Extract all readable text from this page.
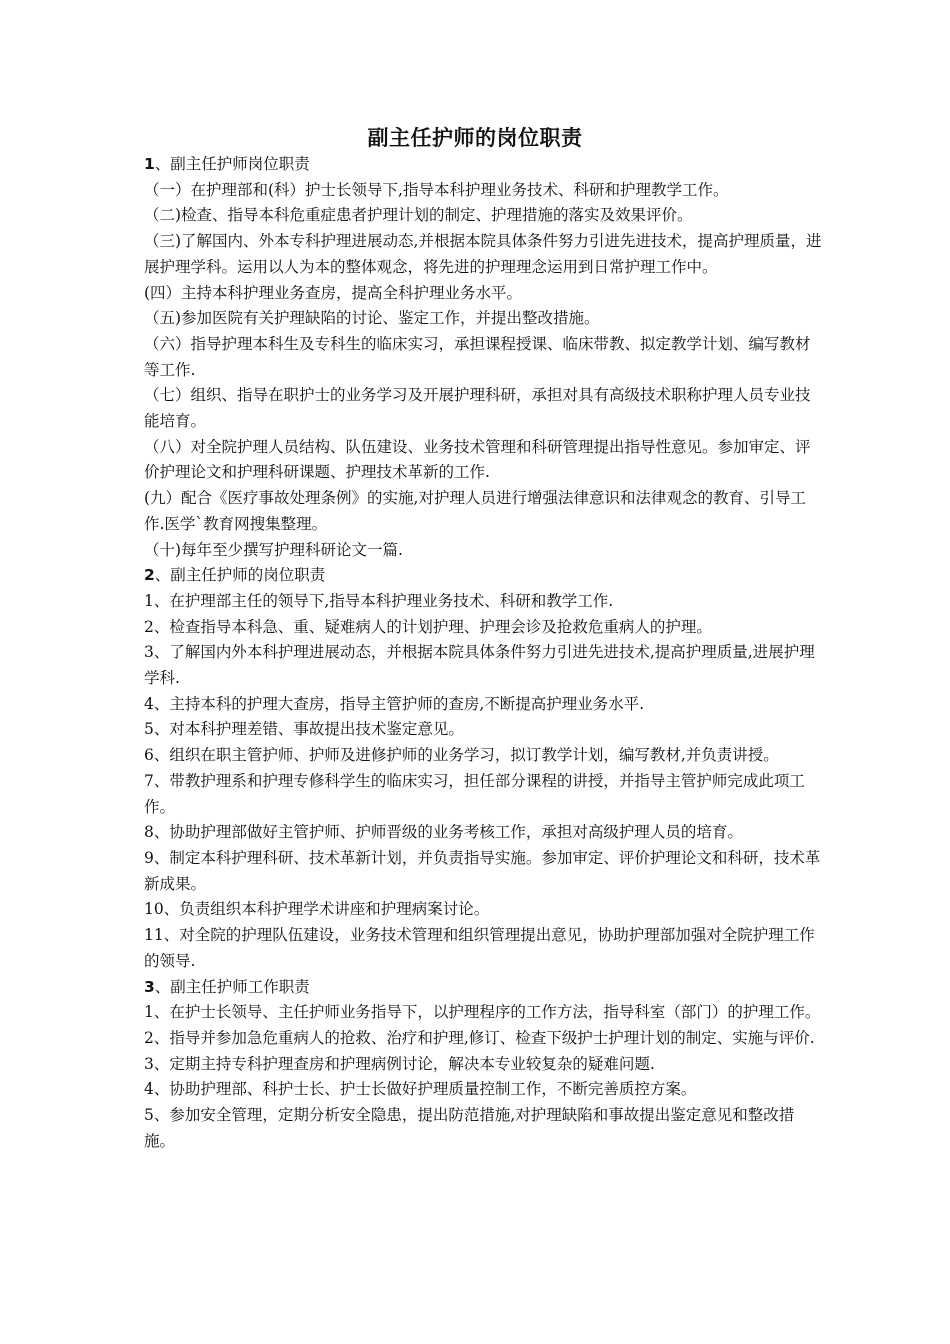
副主任护师的岗位职责

1、副主任护师岗位职责

（一）在护理部和(科）护士长领导下,指导本科护理业务技术、科研和护理教学工作。

（二)检查、指导本科危重症患者护理计划的制定、护理措施的落实及效果评价。

（三)了解国内、外本专科护理进展动态,并根据本院具体条件努力引进先进技术，提高护理质量，进展护理学科。运用以人为本的整体观念，将先进的护理理念运用到日常护理工作中。

(四）主持本科护理业务查房，提高全科护理业务水平。

（五)参加医院有关护理缺陷的讨论、鉴定工作，并提出整改措施。

（六）指导护理本科生及专科生的临床实习，承担课程授课、临床带教、拟定教学计划、编写教材等工作.

（七）组织、指导在职护士的业务学习及开展护理科研，承担对具有高级技术职称护理人员专业技能培育。

（八）对全院护理人员结构、队伍建设、业务技术管理和科研管理提出指导性意见。参加审定、评价护理论文和护理科研课题、护理技术革新的工作.

(九）配合《医疗事故处理条例》的实施,对护理人员进行增强法律意识和法律观念的教育、引导工作.医学`教育网搜集整理。

（十)每年至少撰写护理科研论文一篇.

2、副主任护师的岗位职责

1、在护理部主任的领导下,指导本科护理业务技术、科研和教学工作.

2、检查指导本科急、重、疑难病人的计划护理、护理会诊及抢救危重病人的护理。

3、了解国内外本科护理进展动态，并根据本院具体条件努力引进先进技术,提高护理质量,进展护理学科.

4、主持本科的护理大查房，指导主管护师的查房,不断提高护理业务水平.

5、对本科护理差错、事故提出技术鉴定意见。

6、组织在职主管护师、护师及进修护师的业务学习，拟订教学计划，编写教材,并负责讲授。

7、带教护理系和护理专修科学生的临床实习，担任部分课程的讲授，并指导主管护师完成此项工作。

8、协助护理部做好主管护师、护师晋级的业务考核工作，承担对高级护理人员的培育。

9、制定本科护理科研、技术革新计划，并负责指导实施。参加审定、评价护理论文和科研，技术革新成果。

10、负责组织本科护理学术讲座和护理病案讨论。

11、对全院的护理队伍建设，业务技术管理和组织管理提出意见，协助护理部加强对全院护理工作的领导.

3、副主任护师工作职责

1、在护士长领导、主任护师业务指导下，以护理程序的工作方法，指导科室（部门）的护理工作。

2、指导并参加急危重病人的抢救、治疗和护理,修订、检查下级护士护理计划的制定、实施与评价.

3、定期主持专科护理查房和护理病例讨论，解决本专业较复杂的疑难问题.

4、协助护理部、科护士长、护士长做好护理质量控制工作，不断完善质控方案。

5、参加安全管理，定期分析安全隐患，提出防范措施,对护理缺陷和事故提出鉴定意见和整改措施。
